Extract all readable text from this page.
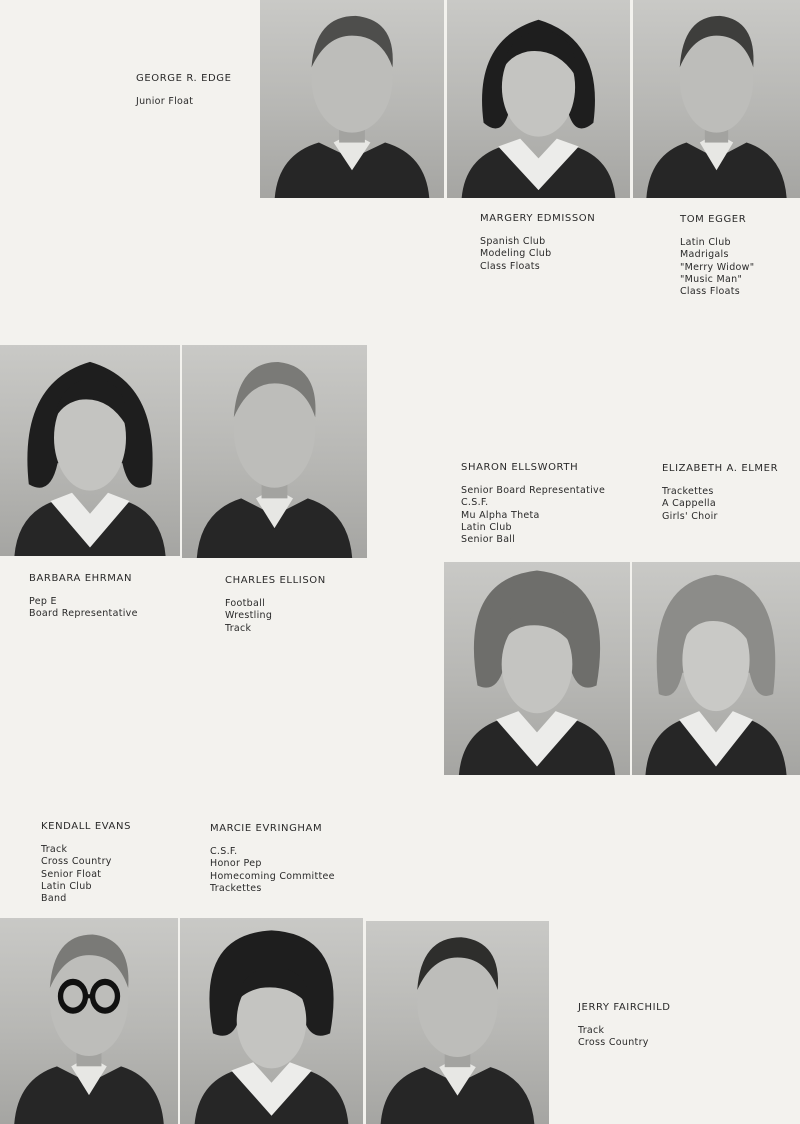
GEORGE R. EDGE
Junior Float
MARGERY EDMISSON
Spanish Club
Modeling Club
Class Floats
TOM EGGER
Latin Club
Madrigals
"Merry Widow"
"Music Man"
Class Floats
BARBARA EHRMAN
Pep E
Board Representative
CHARLES ELLISON
Football
Wrestling
Track
SHARON ELLSWORTH
Senior Board Representative
C.S.F.
Mu Alpha Theta
Latin Club
Senior Ball
ELIZABETH A. ELMER
Trackettes
A Cappella
Girls' Choir
KENDALL EVANS
Track
Cross Country
Senior Float
Latin Club
Band
MARCIE EVRINGHAM
C.S.F.
Honor Pep
Homecoming Committee
Trackettes
JERRY FAIRCHILD
Track
Cross Country
